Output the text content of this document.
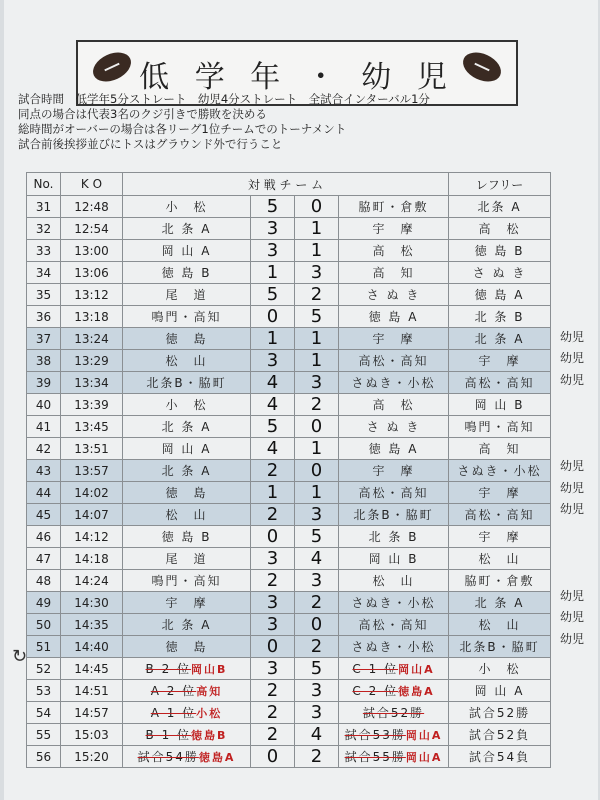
低 学 年 ・ 幼 児
試合時間　低学年5分ストレート　幼児4分ストレート　全試合インターバル1分
同点の場合は代表3名のクジ引きで勝敗を決める
総時間がオーバーの場合は各リーグ1位チームでのトーナメント
試合前後挨拶並びにトスはグラウンド外で行うこと
No.	K O	対 戦 チ ー ム				レフリー
31	12:48	小　松	5	0	脇町・倉敷	北条 A
32	12:54	北 条 A	3	1	宇　摩	高　松
33	13:00	岡 山 A	3	1	高　松	徳 島 B
34	13:06	徳 島 B	1	3	高　知	さ ぬ き
35	13:12	尾　道	5	2	さ ぬ き	徳 島 A
36	13:18	鳴門・高知	0	5	徳 島 A	北 条 B
37	13:24	徳　島	1	1	宇　摩	北 条 A
38	13:29	松　山	3	1	高松・高知	宇　摩
39	13:34	北条B・脇町	4	3	さぬき・小松	高松・高知
40	13:39	小　松	4	2	高　松	岡 山 B
41	13:45	北 条 A	5	0	さ ぬ き	鳴門・高知
42	13:51	岡 山 A	4	1	徳 島 A	高　知
43	13:57	北 条 A	2	0	宇　摩	さぬき・小松
44	14:02	徳　島	1	1	高松・高知	宇　摩
45	14:07	松　山	2	3	北条B・脇町	高松・高知
46	14:12	徳 島 B	0	5	北 条 B	宇　摩
47	14:18	尾　道	3	4	岡 山 B	松　山
48	14:24	鳴門・高知	2	3	松　山	脇町・倉敷
49	14:30	宇　摩	3	2	さぬき・小松	北 条 A
50	14:35	北 条 A	3	0	高松・高知	松　山
51	14:40	徳　島	0	2	さぬき・小松	北条B・脇町
52	14:45	B 2 位岡山B	3	5	C 1 位岡山A	小　松
53	14:51	A 2 位高知	2	3	C 2 位徳島A	岡 山 A
54	14:57	A 1 位小松	2	3	試合52勝	試合52勝
55	15:03	B 1 位徳島B	2	4	試合53勝岡山A	試合52負
56	15:20	試合54勝徳島A	0	2	試合55勝岡山A	試合54負
↻
幼児
幼児
幼児
幼児
幼児
幼児
幼児
幼児
幼児
